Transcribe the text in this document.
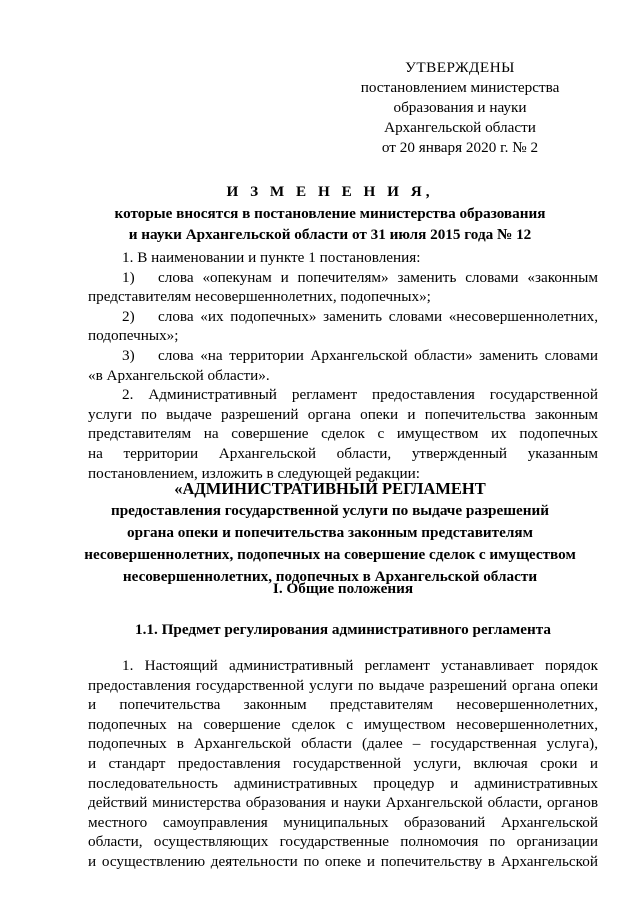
УТВЕРЖДЕНЫ
постановлением министерства
образования и науки
Архангельской области
от 20 января 2020 г. № 2
И З М Е Н Е Н И Я,
которые вносятся в постановление министерства образования
и науки Архангельской области от 31 июля 2015 года № 12
1. В наименовании и пункте 1 постановления:
1) слова «опекунам и попечителям» заменить словами «законным
представителям несовершеннолетних, подопечных»;
2) слова «их подопечных» заменить словами «несовершеннолетних,
подопечных»;
3) слова «на территории Архангельской области» заменить словами
«в Архангельской области».
2. Административный регламент предоставления государственной
услуги по выдаче разрешений органа опеки и попечительства законным
представителям на совершение сделок с имуществом их подопечных
на территории Архангельской области, утвержденный указанным
постановлением, изложить в следующей редакции:
«АДМИНИСТРАТИВНЫЙ РЕГЛАМЕНТ
предоставления государственной услуги по выдаче разрешений
органа опеки и попечительства законным представителям
несовершеннолетних, подопечных на совершение сделок с имуществом
несовершеннолетних, подопечных в Архангельской области
I. Общие положения
1.1. Предмет регулирования административного регламента
1. Настоящий административный регламент устанавливает порядок
предоставления государственной услуги по выдаче разрешений органа опеки
и попечительства законным представителям несовершеннолетних,
подопечных на совершение сделок с имуществом несовершеннолетних,
подопечных в Архангельской области (далее – государственная услуга),
и стандарт предоставления государственной услуги, включая сроки и
последовательность административных процедур и административных
действий министерства образования и науки Архангельской области, органов
местного самоуправления муниципальных образований Архангельской
области, осуществляющих государственные полномочия по организации
и осуществлению деятельности по опеке и попечительству в Архангельской
